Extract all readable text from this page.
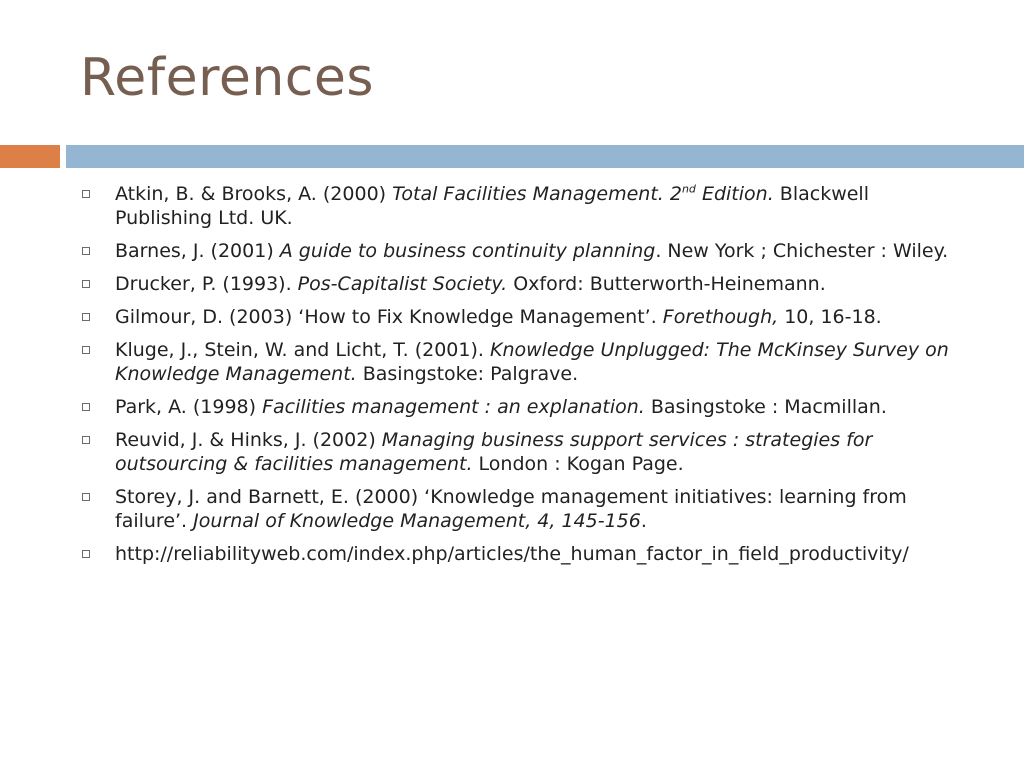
References
Atkin, B. & Brooks, A. (2000) Total Facilities Management. 2nd Edition. Blackwell Publishing Ltd. UK.
Barnes, J. (2001) A guide to business continuity planning. New York ; Chichester : Wiley.
Drucker, P. (1993). Pos-Capitalist Society. Oxford: Butterworth-Heinemann.
Gilmour, D. (2003) ‘How to Fix Knowledge Management’. Forethough, 10, 16-18.
Kluge, J., Stein, W. and Licht, T. (2001). Knowledge Unplugged: The McKinsey Survey on Knowledge Management. Basingstoke: Palgrave.
Park, A. (1998) Facilities management : an explanation. Basingstoke : Macmillan.
Reuvid, J. & Hinks, J. (2002) Managing business support services : strategies for outsourcing & facilities management. London : Kogan Page.
Storey, J. and Barnett, E. (2000) ‘Knowledge management initiatives: learning from failure’. Journal of Knowledge Management, 4, 145-156.
http://reliabilityweb.com/index.php/articles/the_human_factor_in_field_productivity/
